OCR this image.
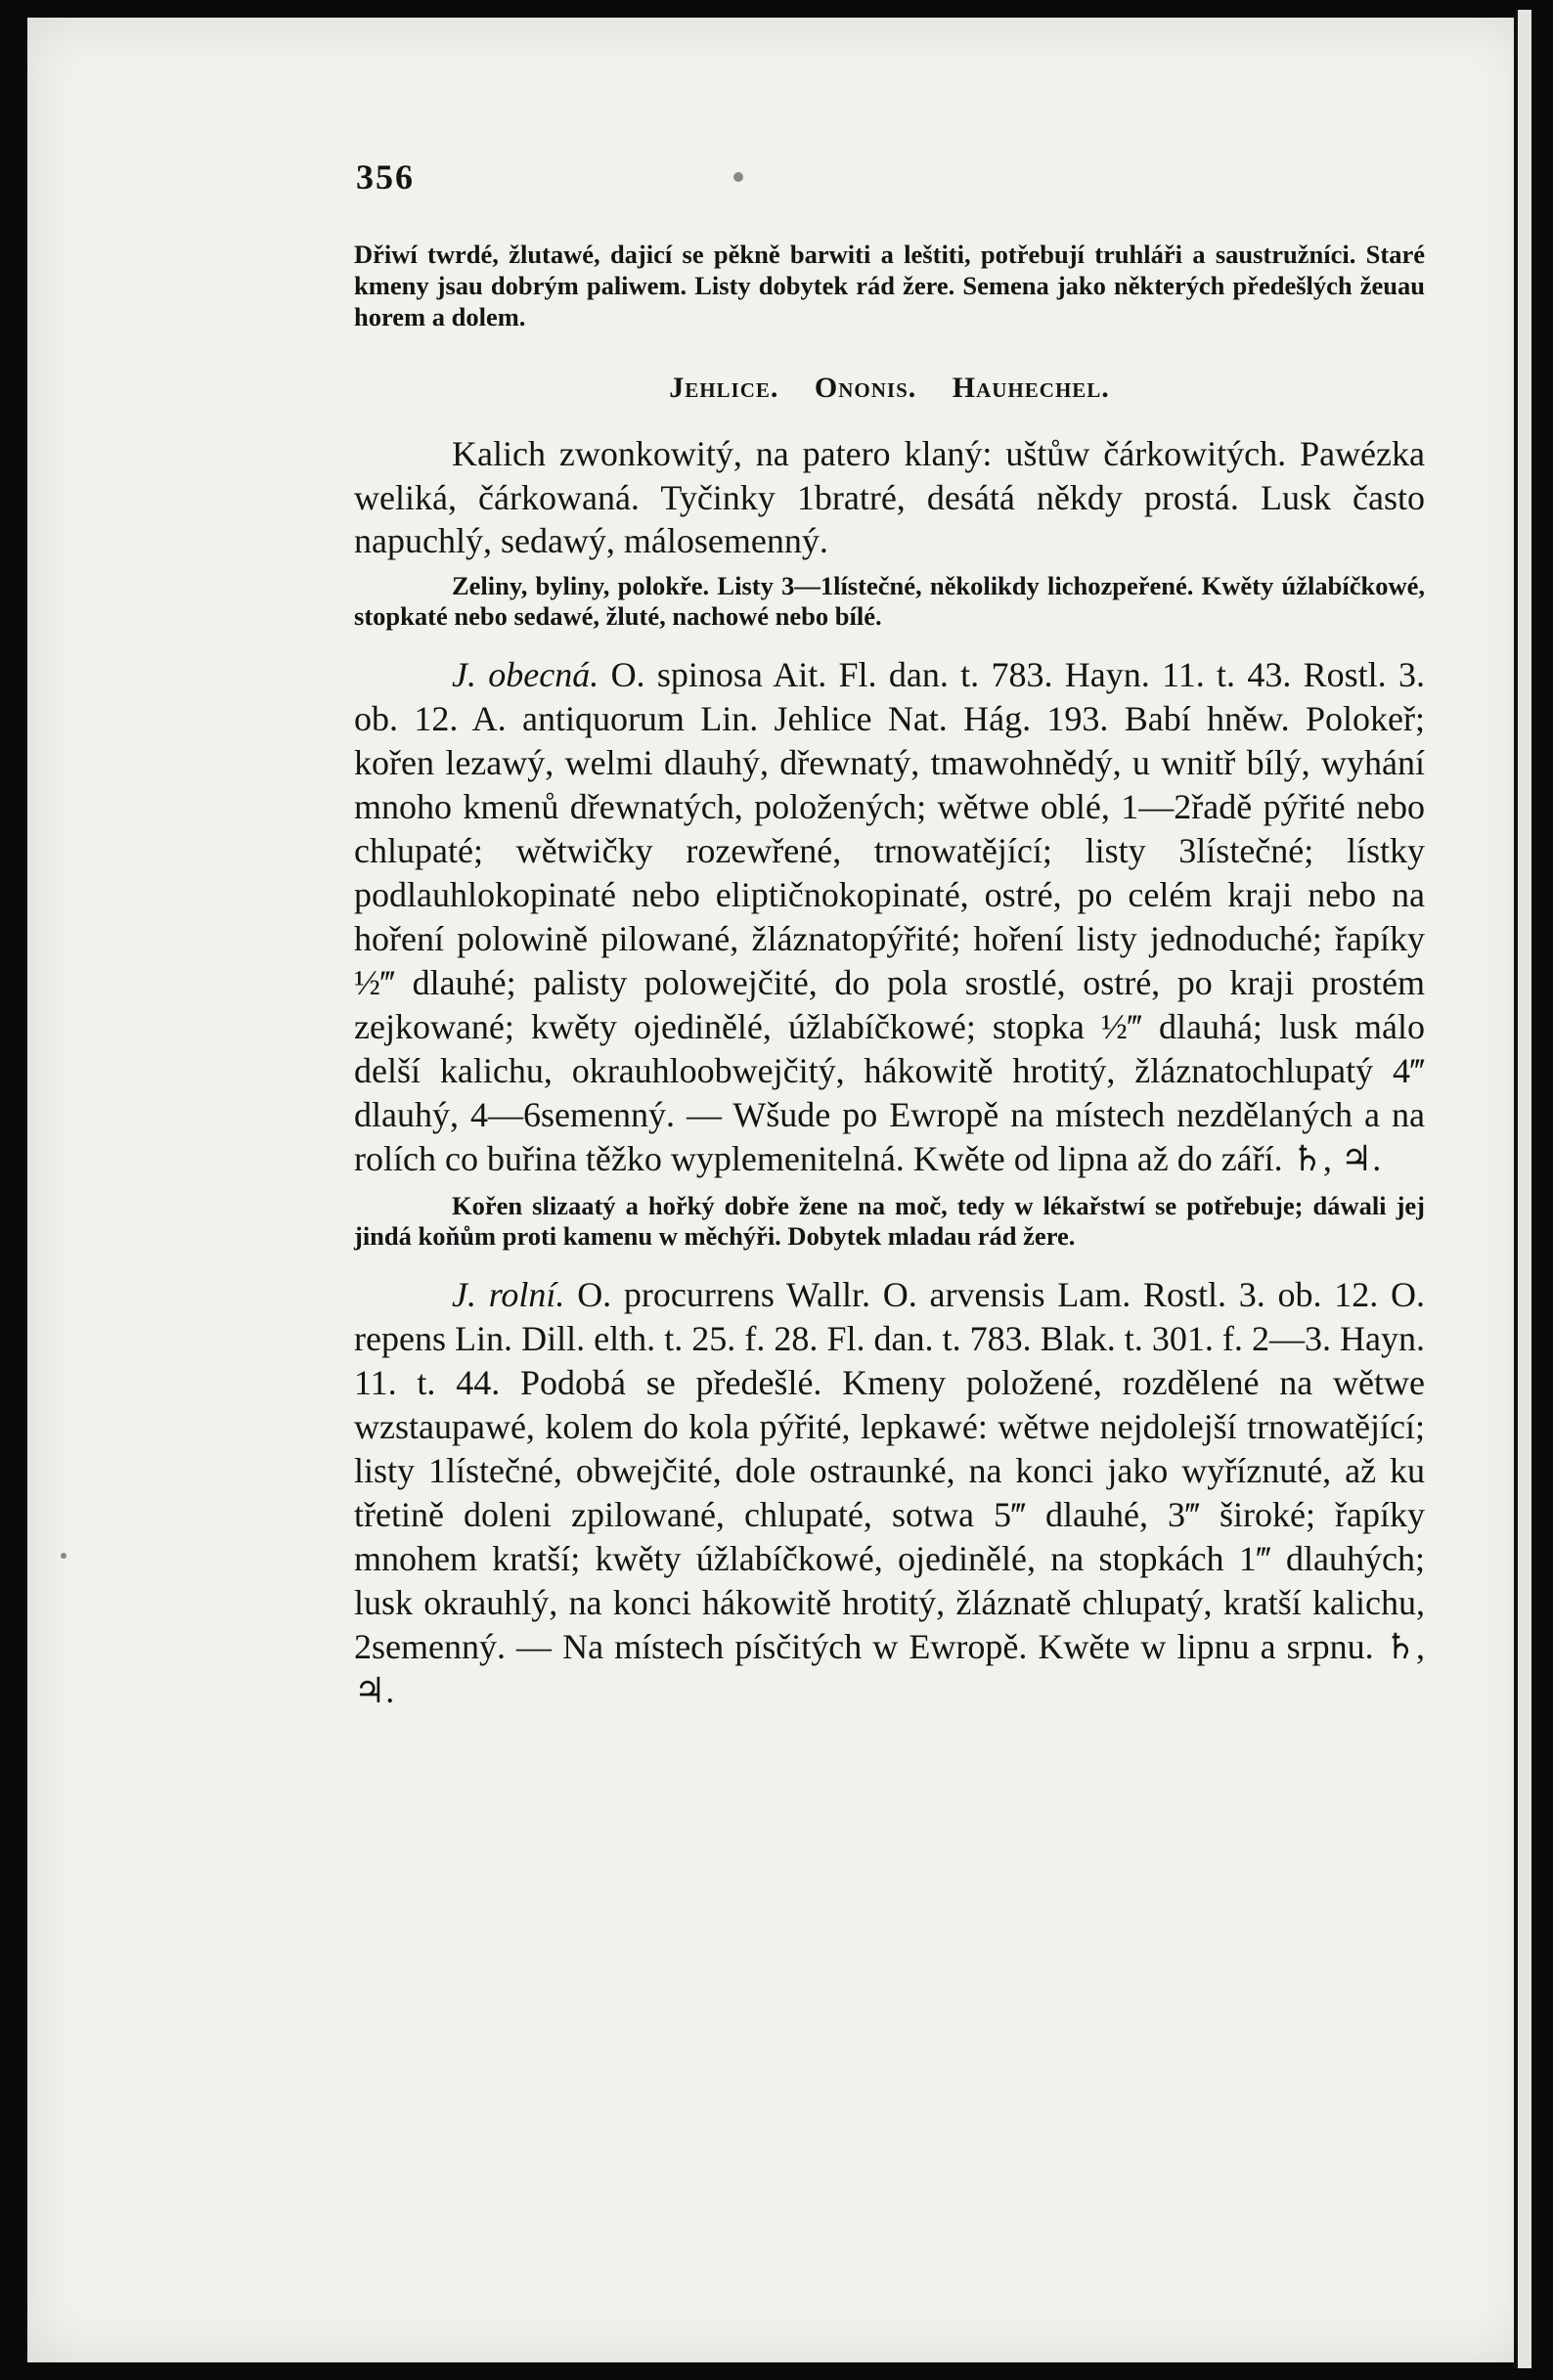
356

Dřiwí twrdé, žlutawé, dajicí se pěkně barwiti a leštiti, potřebují truhláři a saustružníci. Staré kmeny jsau dobrým paliwem. Listy dobytek rád žere. Semena jako některých předešlých žeuau horem a dolem.

Jehlice. Ononis. Hauhechel.

Kalich zwonkowitý, na patero klaný: uštůw čárkowitých. Pawézka weliká, čárkowaná. Tyčinky 1bratré, desátá někdy prostá. Lusk často napuchlý, sedawý, málosemenný.

Zeliny, byliny, polokře. Listy 3—1lístečné, několikdy lichozpeřené. Kwěty úžlabíčkowé, stopkaté nebo sedawé, žluté, nachowé nebo bílé.

J. obecná. O. spinosa Ait. Fl. dan. t. 783. Hayn. 11. t. 43. Rostl. 3. ob. 12. A. antiquorum Lin. Jehlice Nat. Hág. 193. Babí hněw. Polokeř; kořen lezawý, welmi dlauhý, dřewnatý, tmawohnědý, u wnitř bílý, wyhání mnoho kmenů dřewnatých, položených; wětwe oblé, 1—2řadě pýřité nebo chlupaté; wětwičky rozewřené, trnowatějící; listy 3lístečné; lístky podlauhlokopinaté nebo eliptičnokopinaté, ostré, po celém kraji nebo na hoření polowině pilowané, žláznatopýřité; hoření listy jednoduché; řapíky ½‴ dlauhé; palisty polowejčité, do pola srostlé, ostré, po kraji prostém zejkowané; kwěty ojedinělé, úžlabíčkowé; stopka ½‴ dlauhá; lusk málo delší kalichu, okrauhloobwejčitý, hákowitě hrotitý, žláznatochlupatý 4‴ dlauhý, 4—6semenný. — Wšude po Ewropě na místech nezdělaných a na rolích co buřina těžko wyplemenitelná. Kwěte od lipna až do září. ♄, ♃.

Kořen slizaatý a hořký dobře žene na moč, tedy w lékařstwí se potřebuje; dáwali jej jindá koňům proti kamenu w měchýři. Dobytek mladau rád žere.

J. rolní. O. procurrens Wallr. O. arvensis Lam. Rostl. 3. ob. 12. O. repens Lin. Dill. elth. t. 25. f. 28. Fl. dan. t. 783. Blak. t. 301. f. 2—3. Hayn. 11. t. 44. Podobá se předešlé. Kmeny položené, rozdělené na wětwe wzstaupawé, kolem do kola pýřité, lepkawé: wětwe nejdolejší trnowatějící; listy 1lístečné, obwejčité, dole ostraunké, na konci jako wyříznuté, až ku třetině doleni zpilowané, chlupaté, sotwa 5‴ dlauhé, 3‴ široké; řapíky mnohem kratší; kwěty úžlabíčkowé, ojedinělé, na stopkách 1‴ dlauhých; lusk okrauhlý, na konci hákowitě hrotitý, žláznatě chlupatý, kratší kalichu, 2semenný. — Na místech písčitých w Ewropě. Kwěte w lipnu a srpnu. ♄, ♃.
